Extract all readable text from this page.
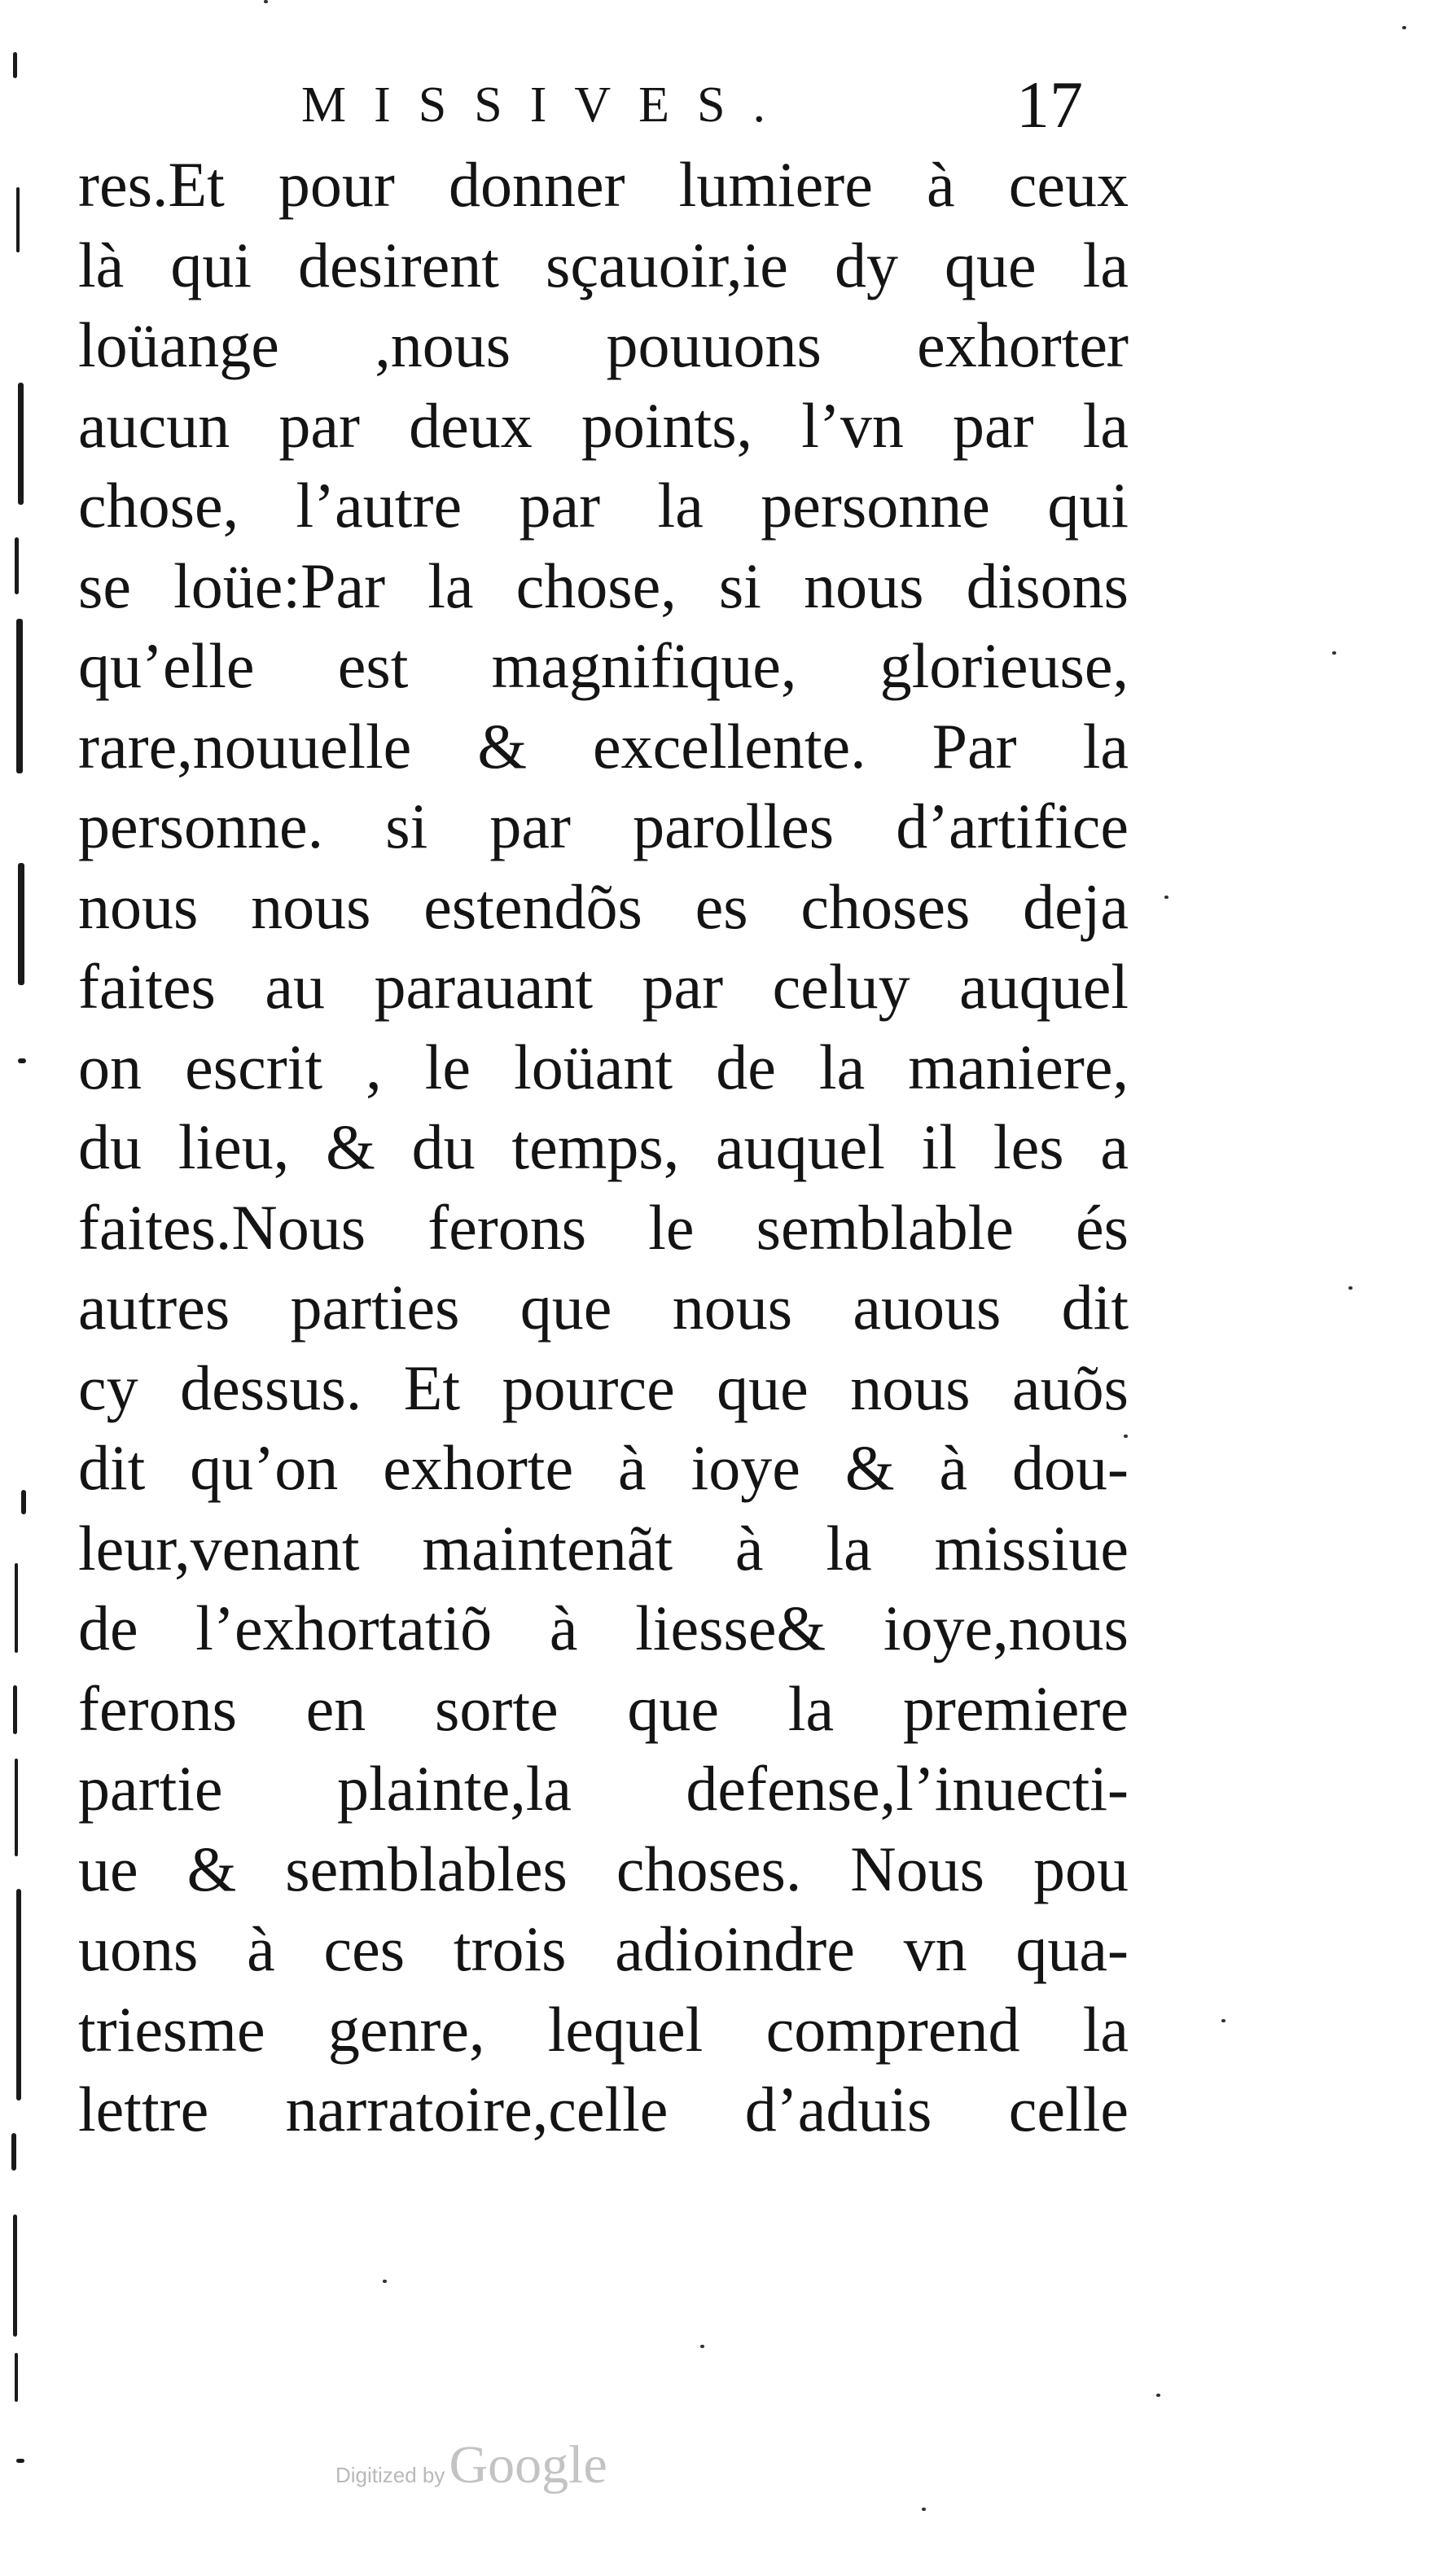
MISSIVES.	17
res.Et pour donner lumiere à ceux
là qui desirent sçauoir,ie dy que la
loüange ,nous pouuons exhorter
aucun par deux points, l’vn par la
chose, l’autre par la personne qui
se loüe:Par la chose, si nous disons
qu’elle est magnifique, glorieuse,
rare,nouuelle & excellente. Par la
personne. si par parolles d’artifice
nous nous estendõs es choses deja
faites au parauant par celuy auquel
on escrit , le loüant de la maniere,
du lieu, & du temps, auquel il les a
faites.Nous ferons le semblable és
autres parties que nous auous dit
cy dessus. Et pource que nous auõs
dit qu’on exhorte à ioye & à dou-
leur,venant maintenãt à la missiue
de l’exhortatiõ à liesse& ioye,nous
ferons en sorte que la premiere
partie plainte,la defense,l’inuecti-
ue & semblables choses. Nous pou
uons à ces trois adioindre vn qua-
triesme genre, lequel comprend la
lettre narratoire,celle d’aduis celle
Digitized by Google
